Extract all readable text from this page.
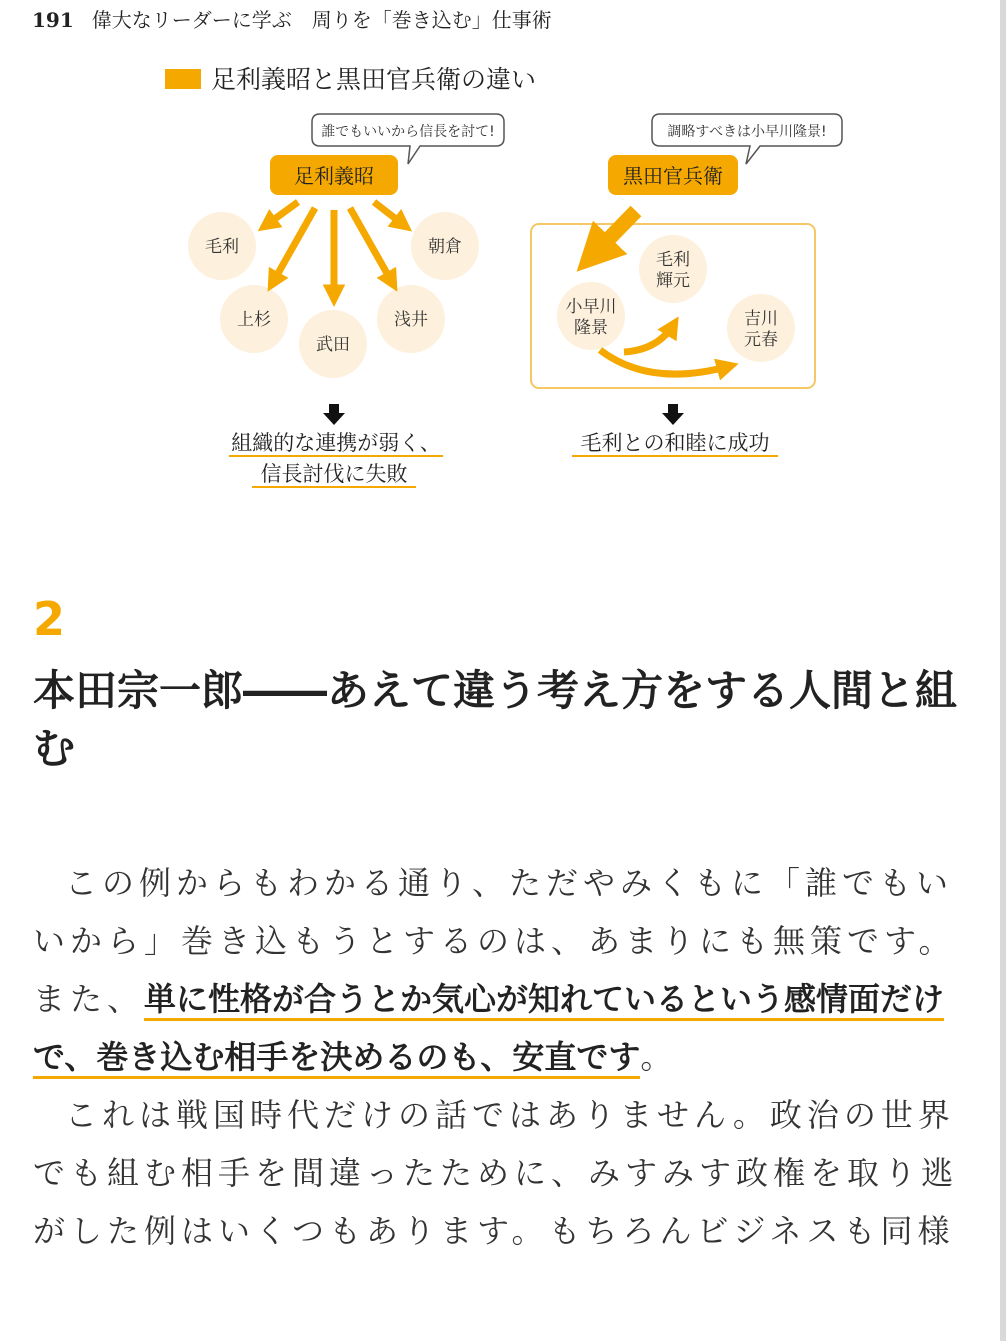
191 偉大なリーダーに学ぶ　周りを「巻き込む」仕事術
足利義昭と黒田官兵衛の違い
誰でもいいから信長を討て!
足利義昭
毛利	朝倉
上杉	浅井
武田
組織的な連携が弱く、
信長討伐に失敗
調略すべきは小早川隆景!
黒田官兵衛
毛利
輝元
小早川
隆景	吉川
元春
毛利との和睦に成功
2
本田宗一郎――あえて違う考え方をする人間と組む

この例からもわかる通り、ただやみくもに「誰でもいいから」巻き込もうとするのは、あまりにも無策です。また、単に性格が合うとか気心が知れているという感情面だけで、巻き込む相手を決めるのも、安直です。

これは戦国時代だけの話ではありません。政治の世界でも組む相手を間違ったために、みすみす政権を取り逃がした例はいくつもあります。もちろんビジネスも同様
